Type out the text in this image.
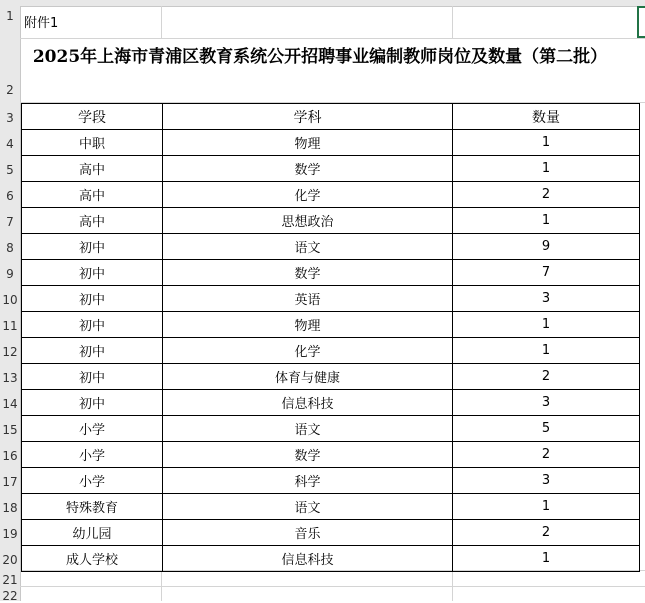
1
2
3
4
5
6
7
8
9
10
11
12
13
14
15
16
17
18
19
20
21
22
附件1
2025年上海市青浦区教育系统公开招聘事业编制教师岗位及数量（第二批）
学段	学科	数量
中职	物理	1
高中	数学	1
高中	化学	2
高中	思想政治	1
初中	语文	9
初中	数学	7
初中	英语	3
初中	物理	1
初中	化学	1
初中	体育与健康	2
初中	信息科技	3
小学	语文	5
小学	数学	2
小学	科学	3
特殊教育	语文	1
幼儿园	音乐	2
成人学校	信息科技	1
